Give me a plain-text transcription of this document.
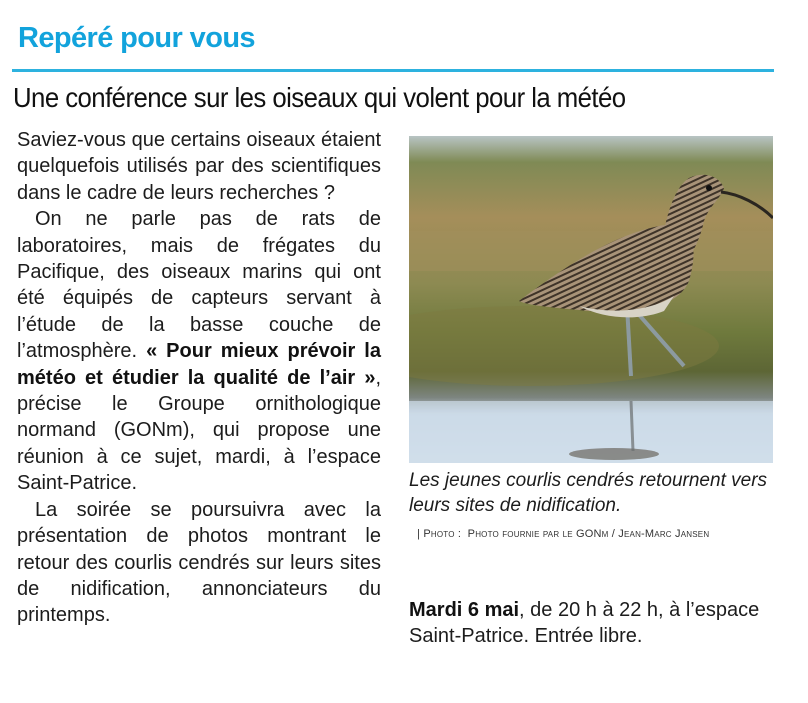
Repéré pour vous
Une conférence sur les oiseaux qui volent pour la météo

Saviez-vous que certains oiseaux étaient quelquefois utilisés par des scientifiques dans le cadre de leurs recherches ?

On ne parle pas de rats de laboratoires, mais de frégates du Pacifique, des oiseaux marins qui ont été équipés de capteurs servant à l’étude de la basse couche de l’atmosphère. « Pour mieux prévoir la météo et étudier la qualité de l’air », précise le Groupe ornithologique normand (GONm), qui propose une réunion à ce sujet, mardi, à l’espace Saint-Patrice.

La soirée se poursuivra avec la présentation de photos montrant le retour des courlis cendrés sur leurs sites de nidification, annonciateurs du printemps.

Les jeunes courlis cendrés retournent vers leurs sites de nidification.
| Photo : Photo fournie par le GONm / Jean-Marc Jansen
Mardi 6 mai, de 20 h à 22 h, à l’espace Saint-Patrice. Entrée libre.
